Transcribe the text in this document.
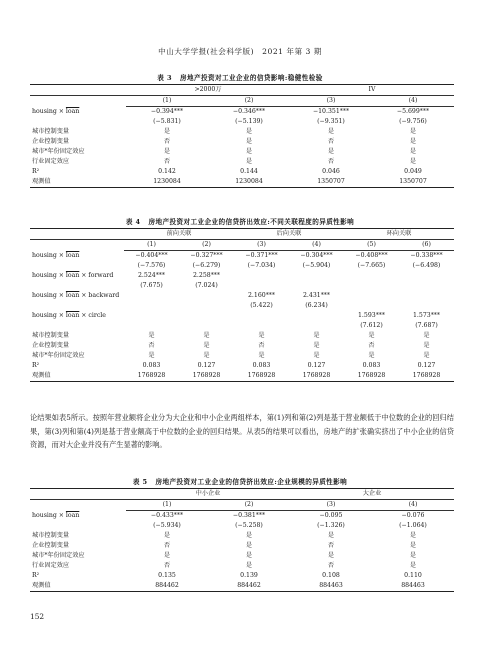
中山大学学报(社会科学版)　2021 年第 3 期
表 3 房地产投资对工业企业的信贷影响:稳健性检验
	>2000万		IV	
	(1)	(2)	(3)	(4)
housing × loan	−0.394***	−0.346***	−10.351***	−5.699***
	(−5.831)	(−5.139)	(−9.351)	(−9.756)
城市控制变量	是	是	是	是
企业控制变量	否	是	否	是
城市*年份固定效应	是	是	是	是
行业固定效应	否	是	否	是
R²	0.142	0.144	0.046	0.049
观测值	1230084	1230084	1350707	1350707
表 4 房地产投资对工业企业的信贷挤出效应:不同关联程度的异质性影响
	前向关联		后向关联		环向关联	
	(1)	(2)	(3)	(4)	(5)	(6)
housing × loan	−0.404***	−0.327***	−0.371***	−0.304***	−0.408***	−0.338***
	(−7.576)	(−6.279)	(−7.034)	(−5.904)	(−7.665)	(−6.498)
housing × loan × forward	2.524***	2.258***				
	(7.675)	(7.024)				
housing × loan × backward			2.160***	2.431***		
			(5.422)	(6.234)		
housing × loan × circle					1.593***	1.573***
					(7.612)	(7.687)
城市控制变量	是	是	是	是	是	是
企业控制变量	否	是	否	是	否	是
城市*年份固定效应	是	是	是	是	是	是
R²	0.083	0.127	0.083	0.127	0.083	0.127
观测值	1768928	1768928	1768928	1768928	1768928	1768928
论结果如表5所示。按照年营业额将企业分为大企业和中小企业两组样本，第(1)列和第(2)列是基于营业额低于中位数的企业的回归结果，第(3)列和第(4)列是基于营业额高于中位数的企业的回归结果。从表5的结果可以看出，房地产的扩张确实挤出了中小企业的信贷资源，而对大企业并没有产生显著的影响。
表 5 房地产投资对工业企业的信贷挤出效应:企业规模的异质性影响
	中小企业		大企业	
	(1)	(2)	(3)	(4)
housing × loan	−0.433***	−0.381***	−0.095	−0.076
	(−5.934)	(−5.258)	(−1.326)	(−1.064)
城市控制变量	是	是	是	是
企业控制变量	否	是	否	是
城市*年份固定效应	是	是	是	是
行业固定效应	否	是	否	是
R²	0.135	0.139	0.108	0.110
观测值	884462	884462	884463	884463
152
